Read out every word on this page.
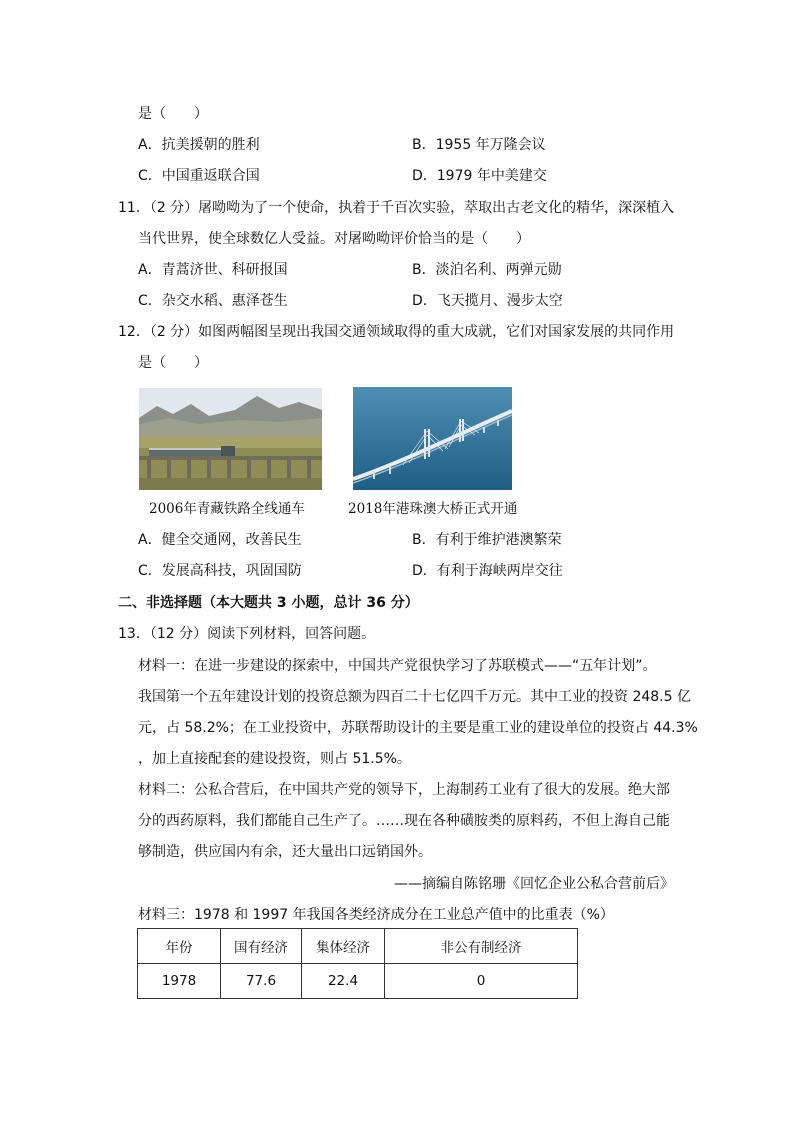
是（　　）
A．抗美援朝的胜利	B．1955 年万隆会议
C．中国重返联合国	D．1979 年中美建交
11．（2 分）屠呦呦为了一个使命，执着于千百次实验，萃取出古老文化的精华，深深植入
当代世界，使全球数亿人受益。对屠呦呦评价恰当的是（　　）
A．青蒿济世、科研报国	B．淡泊名利、两弹元勋
C．杂交水稻、惠泽苍生	D．飞天揽月、漫步太空
12．（2 分）如图两幅图呈现出我国交通领域取得的重大成就，它们对国家发展的共同作用
是（　　）
2006年青藏铁路全线通车	2018年港珠澳大桥正式开通
A．健全交通网，改善民生	B．有利于维护港澳繁荣
C．发展高科技，巩固国防	D．有利于海峡两岸交往
二、非选择题（本大题共 3 小题，总计 36 分）
13．（12 分）阅读下列材料，回答问题。
材料一：在进一步建设的探索中，中国共产党很快学习了苏联模式——“五年计划”。
我国第一个五年建设计划的投资总额为四百二十七亿四千万元。其中工业的投资 248.5 亿
元，占 58.2%；在工业投资中，苏联帮助设计的主要是重工业的建设单位的投资占 44.3%
，加上直接配套的建设投资，则占 51.5%。
材料二：公私合营后，在中国共产党的领导下，上海制药工业有了很大的发展。绝大部
分的西药原料，我们都能自己生产了。……现在各种磺胺类的原料药，不但上海自己能
够制造，供应国内有余，还大量出口远销国外。
——摘编自陈铭珊《回忆企业公私合营前后》
材料三：1978 和 1997 年我国各类经济成分在工业总产值中的比重表（%）
年份	国有经济	集体经济	非公有制经济
1978	77.6	22.4	0
